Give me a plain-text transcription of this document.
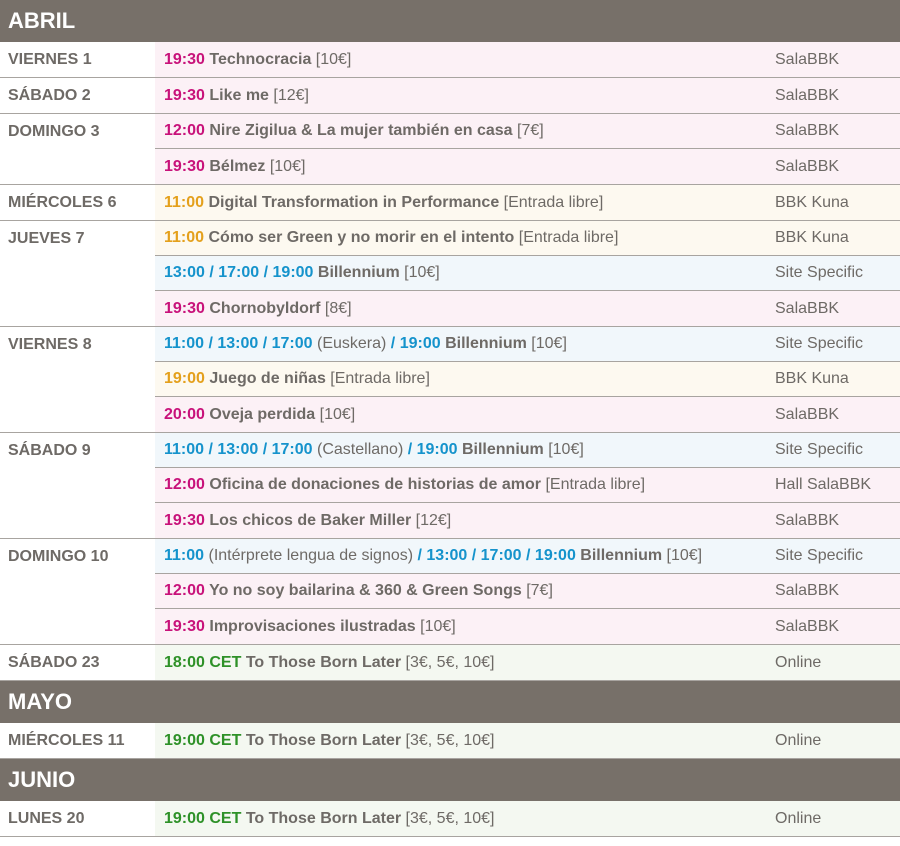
ABRIL
VIERNES 1	19:30 Technocracia [10€]	SalaBBK
SÁBADO 2	19:30 Like me [12€]	SalaBBK
DOMINGO 3	12:00 Nire Zigilua & La mujer también en casa [7€]	SalaBBK
19:30 Bélmez [10€]	SalaBBK
MIÉRCOLES 6	11:00 Digital Transformation in Performance [Entrada libre]	BBK Kuna
JUEVES 7	11:00 Cómo ser Green y no morir en el intento [Entrada libre]	BBK Kuna
13:00 / 17:00 / 19:00 Billennium [10€]	Site Specific
19:30 Chornobyldorf [8€]	SalaBBK
VIERNES 8	11:00 / 13:00 / 17:00 (Euskera) / 19:00 Billennium [10€]	Site Specific
19:00 Juego de niñas [Entrada libre]	BBK Kuna
20:00 Oveja perdida [10€]	SalaBBK
SÁBADO 9	11:00 / 13:00 / 17:00 (Castellano) / 19:00 Billennium [10€]	Site Specific
12:00 Oficina de donaciones de historias de amor [Entrada libre]	Hall SalaBBK
19:30 Los chicos de Baker Miller [12€]	SalaBBK
DOMINGO 10	11:00 (Intérprete lengua de signos) / 13:00 / 17:00 / 19:00 Billennium [10€]	Site Specific
12:00 Yo no soy bailarina & 360 & Green Songs [7€]	SalaBBK
19:30 Improvisaciones ilustradas [10€]	SalaBBK
SÁBADO 23	18:00 CET To Those Born Later [3€, 5€, 10€]	Online
MAYO
MIÉRCOLES 11	19:00 CET To Those Born Later [3€, 5€, 10€]	Online
JUNIO
LUNES 20	19:00 CET To Those Born Later [3€, 5€, 10€]	Online
